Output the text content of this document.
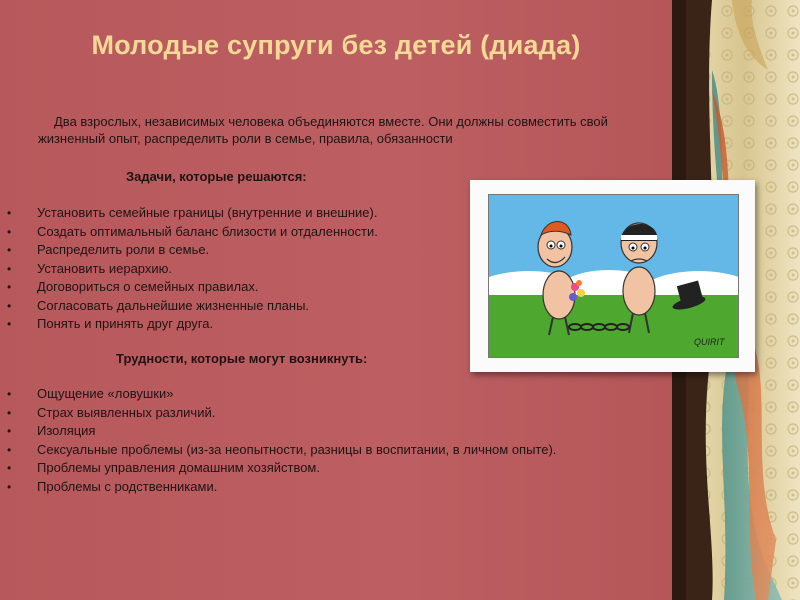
Молодые супруги без детей (диада)
Два взрослых, независимых человека объединяются вместе. Они должны совместить свой жизненный опыт, распределить роли в семье, правила, обязанности
Задачи, которые решаются:
• Установить семейные границы (внутренние и внешние).
• Создать оптимальный баланс близости и отдаленности.
• Распределить роли в семье.
• Установить иерархию.
• Договориться о семейных правилах.
• Согласовать дальнейшие жизненные планы.
• Понять и принять друг друга.
Трудности, которые могут возникнуть:
• Ощущение «ловушки»
• Страх выявленных различий.
• Изоляция
• Сексуальные проблемы (из-за неопытности, разницы в воспитании, в личном опыте).
• Проблемы управления домашним хозяйством.
• Проблемы с родственниками.
QUIRIT
